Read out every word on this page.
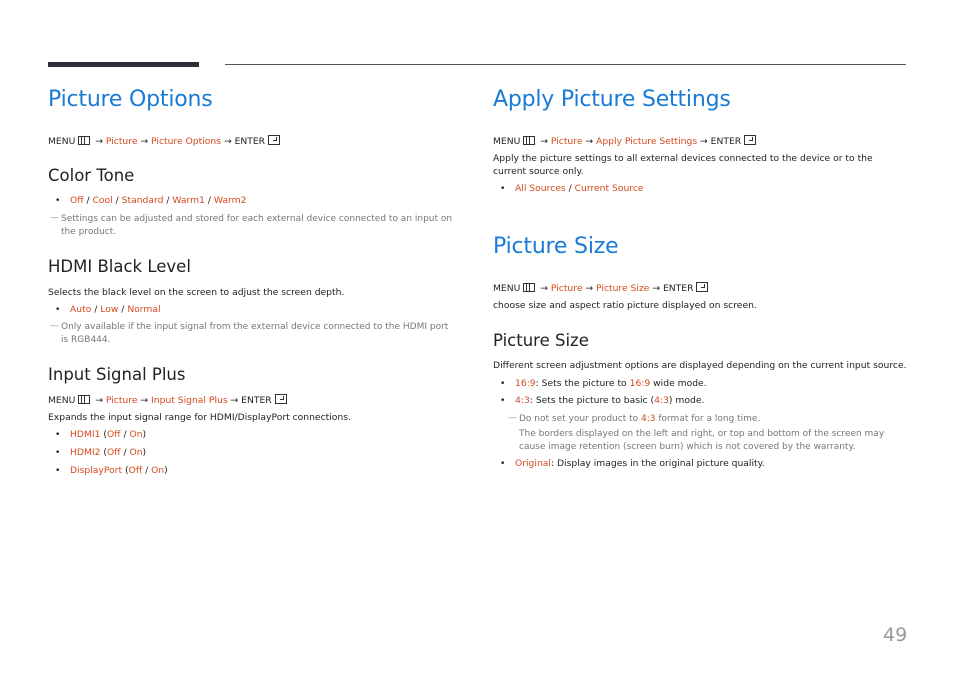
Picture Options
MENU → Picture → Picture Options → ENTER
Color Tone
• Off / Cool / Standard / Warm1 / Warm2
— Settings can be adjusted and stored for each external device connected to an input on the product.
HDMI Black Level
Selects the black level on the screen to adjust the screen depth.
• Auto / Low / Normal
— Only available if the input signal from the external device connected to the HDMI port is RGB444.
Input Signal Plus
MENU → Picture → Input Signal Plus → ENTER
Expands the input signal range for HDMI/DisplayPort connections.
• HDMI1 (Off / On)
• HDMI2 (Off / On)
• DisplayPort (Off / On)
Apply Picture Settings
MENU → Picture → Apply Picture Settings → ENTER
Apply the picture settings to all external devices connected to the device or to the current source only.
• All Sources / Current Source
Picture Size
MENU → Picture → Picture Size → ENTER
choose size and aspect ratio picture displayed on screen.
Picture Size
Different screen adjustment options are displayed depending on the current input source.
• 16:9: Sets the picture to 16:9 wide mode.
• 4:3: Sets the picture to basic (4:3) mode.
— Do not set your product to 4:3 format for a long time.
The borders displayed on the left and right, or top and bottom of the screen may cause image retention (screen burn) which is not covered by the warranty.
• Original: Display images in the original picture quality.
49
